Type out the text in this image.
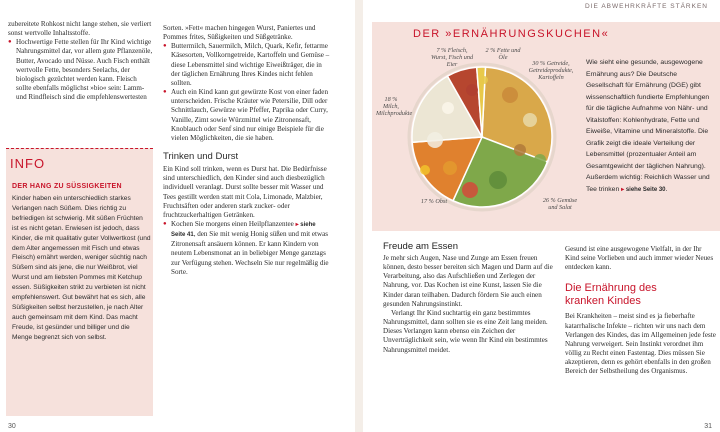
DIE ABWEHRKRÄFTE STÄRKEN

zubereitete Rohkost nicht lange stehen, sie verliert sonst wertvolle Inhaltsstoffe.

● Hochwertige Fette stellen für Ihr Kind wichtige Nahrungsmittel dar, vor allem gute Pflanzenöle, Butter, Avocado und Nüsse. Auch Fisch enthält wertvolle Fette, besonders Seelachs, der biologisch gezüchtet werden kann. Fleisch sollte ebenfalls möglichst »bio« sein: Lamm- und Rindfleisch sind die empfehlenswertesten

INFO
DER HANG ZU SÜSSIGKEITEN
Kinder haben ein unterschiedlich starkes Verlangen nach Süßem. Dies richtig zu befriedigen ist schwierig. Mit süßen Früchten ist es nicht getan. Erwiesen ist jedoch, dass Kinder, die mit qualitativ guter Vollwertkost (und dem Alter angemessen mit Fisch und etwas Fleisch) ernährt werden, weniger süchtig nach Süßem sind als jene, die nur Weißbrot, viel Wurst und am liebsten Pommes mit Ketchup essen. Süßigkeiten strikt zu verbieten ist nicht empfehlenswert. Gut bewährt hat es sich, alle Süßigkeiten selbst herzustellen, je nach Alter auch gemeinsam mit dem Kind. Das macht Freude, ist gesünder und billiger und die Menge begrenzt sich von selbst.

Sorten. »Fett« machen hingegen Wurst, Paniertes und Pommes frites, Süßigkeiten und Süßgetränke.

● Buttermilch, Sauermilch, Milch, Quark, Kefir, fettarme Käsesorten, Vollkorngetreide, Kartoffeln und Gemüse – diese Lebensmittel sind wichtige Eiweißträger, die in der täglichen Ernährung Ihres Kindes nicht fehlen sollten.

● Auch ein Kind kann gut gewürzte Kost von einer faden unterscheiden. Frische Kräuter wie Petersilie, Dill oder Schnittlauch, Gewürze wie Pfeffer, Paprika oder Curry, Vanille, Zimt sowie Würzmittel wie Zitronensaft, Knoblauch oder Senf sind nur einige Beispiele für die vielen Möglichkeiten, die sie haben.

Trinken und Durst

Ein Kind soll trinken, wenn es Durst hat. Die Bedürfnisse sind unterschiedlich, den Kinder sind auch diesbezüglich individuell veranlagt. Durst sollte besser mit Wasser und Tees gestillt werden statt mit Cola, Limonade, Malzbier, Fruchtsäften oder anderen stark zucker- oder fruchtzuckerhaltigen Getränken.

● Kochen Sie morgens einen Heilpflanzentee ▸ siehe Seite 41, den Sie mit wenig Honig süßen und mit etwas Zitronensaft ansäuern können. Er kann Kindern von neutem Lebensmonat an in beliebiger Menge ganztags zur Verfügung stehen. Wechseln Sie nur regelmäßig die Sorte.

30
DER »ERNÄHRUNGSKUCHEN«
7 % Fleisch, Wurst, Fisch und Eier
2 % Fette und Öle
30 % Getreide, Getreideprodukte, Kartoffeln
18 % Milch, Milchprodukte
17 % Obst	26 % Gemüse und Salat
Wie sieht eine gesunde, ausgewogene Ernährung aus? Die Deutsche Gesellschaft für Ernährung (DGE) gibt wissenschaftlich fundierte Empfehlungen für die tägliche Aufnahme von Nähr- und Vitalstoffen: Kohlenhydrate, Fette und Eiweiße, Vitamine und Mineralstoffe. Die Grafik zeigt die ideale Verteilung der Lebensmittel (prozentualer Anteil am Gesamtgewicht der täglichen Nahrung). Außerdem wichtig: Reichlich Wasser und Tee trinken ▸ siehe Seite 30.
Freude am Essen

Je mehr sich Augen, Nase und Zunge am Essen freuen können, desto besser bereiten sich Magen und Darm auf die Verarbeitung, also das Aufschließen und Zerlegen der Nahrung, vor. Das Kochen ist eine Kunst, lassen Sie die Kinder daran teilhaben. Dadurch fördern Sie auch einen gesunden Nahrungsinstinkt.

Verlangt Ihr Kind suchtartig ein ganz bestimmtes Nahrungsmittel, dann sollten sie es eine Zeit lang meiden. Dieses Verlangen kann ebenso ein Zeichen der Unverträglichkeit sein, wie wenn Ihr Kind ein bestimmtes Nahrungsmittel meidet.

Gesund ist eine ausgewogene Vielfalt, in der Ihr Kind seine Vorlieben und auch immer wieder Neues entdecken kann.

Die Ernährung des kranken Kindes

Bei Krankheiten – meist sind es ja fieberhafte katarrhalische Infekte – richten wir uns nach dem Verlangen des Kindes, das im Allgemeinen jede feste Nahrung verweigert. Sein Instinkt verordnet ihm völlig zu Recht einen Fastentag. Dies müssen Sie akzeptieren, denn es gehört ebenfalls in den großen Bereich der Selbstheilung des Organismus.

31
